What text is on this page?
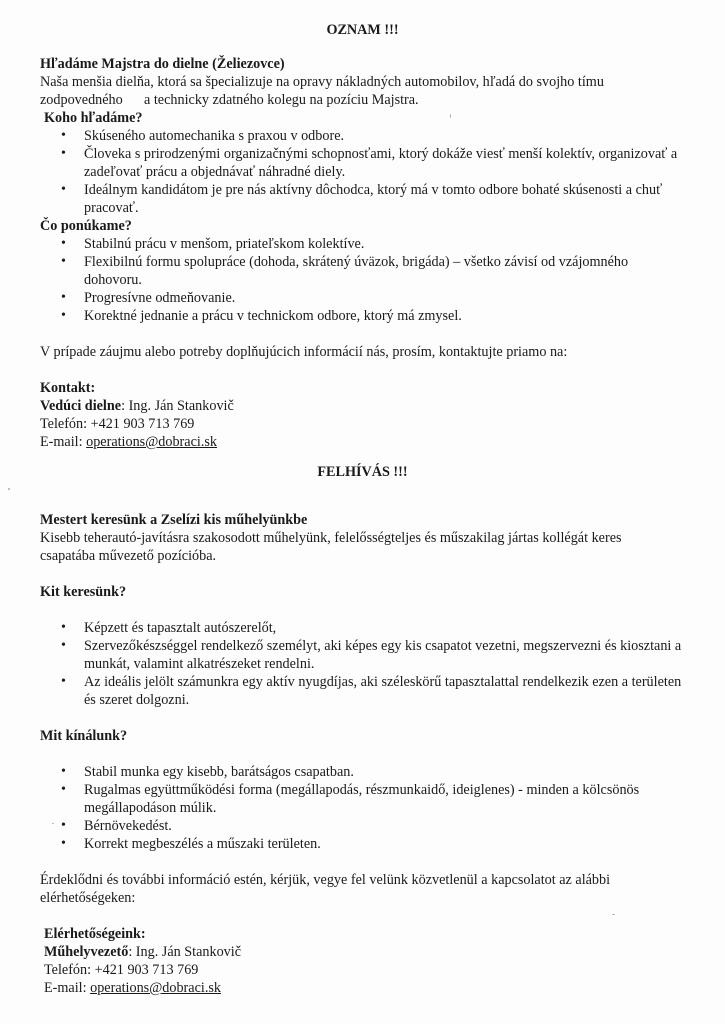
OZNAM !!!

Hľadáme Majstra do dielne (Želiezovce)

Naša menšia dielňa, ktorá sa špecializuje na opravy nákladných automobilov, hľadá do svojho tímu

zodpovedného      a technicky zdatného kolegu na pozíciu Majstra.

Koho hľadáme?

• Skúseného automechanika s praxou v odbore.
• Človeka s prirodzenými organizačnými schopnosťami, ktorý dokáže viesť menší kolektív, organizovať a zadeľovať prácu a objednávať náhradné diely.
• Ideálnym kandidátom je pre nás aktívny dôchodca, ktorý má v tomto odbore bohaté skúsenosti a chuť pracovať.

Čo ponúkame?

• Stabilnú prácu v menšom, priateľskom kolektíve.
• Flexibilnú formu spolupráce (dohoda, skrátený úväzok, brigáda) – všetko závisí od vzájomného dohovoru.
• Progresívne odmeňovanie.
• Korektné jednanie a prácu v technickom odbore, ktorý má zmysel.

V prípade záujmu alebo potreby doplňujúcich informácií nás, prosím, kontaktujte priamo na:

Kontakt:

Vedúci dielne: Ing. Ján Stankovič

Telefón: +421 903 713 769

E-mail: operations@dobraci.sk

FELHÍVÁS !!!

Mestert keresünk a Zselízi kis műhelyünkbe

Kisebb teherautó-javításra szakosodott műhelyünk, felelősségteljes és műszakilag jártas kollégát keres

csapatába művezető pozícióba.

Kit keresünk?

• Képzett és tapasztalt autószerelőt,
• Szervezőkészséggel rendelkező személyt, aki képes egy kis csapatot vezetni, megszervezni és kiosztani a munkát, valamint alkatrészeket rendelni.
• Az ideális jelölt számunkra egy aktív nyugdíjas, aki széleskörű tapasztalattal rendelkezik ezen a területen és szeret dolgozni.

Mit kínálunk?

• Stabil munka egy kisebb, barátságos csapatban.
• Rugalmas együttműködési forma (megállapodás, részmunkaidő, ideiglenes) - minden a kölcsönös megállapodáson múlik.
• Bérnövekedést.
• Korrekt megbeszélés a műszaki területen.

Érdeklődni és további információ estén, kérjük, vegye fel velünk közvetlenül a kapcsolatot az alábbi elérhetőségeken:

Elérhetőségeink:

Műhelyvezető: Ing. Ján Stankovič

Telefón: +421 903 713 769

E-mail: operations@dobraci.sk
